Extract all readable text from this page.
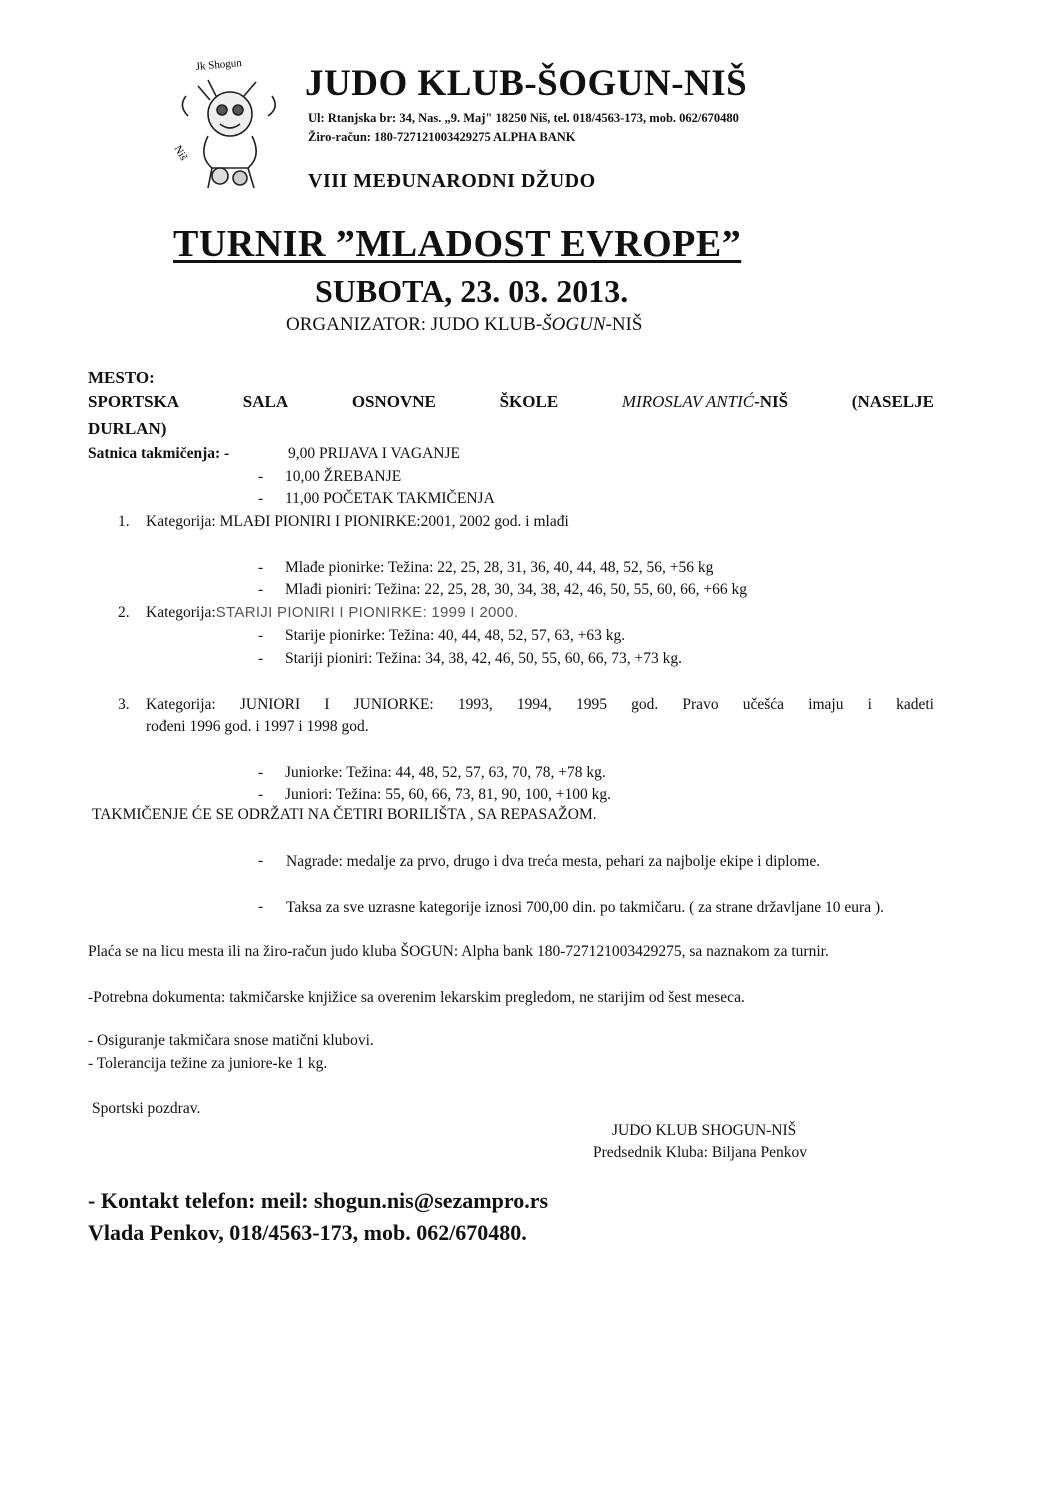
Jk Shogun
Niš
JUDO KLUB-ŠOGUN-NIŠ
Ul: Rtanjska br: 34, Nas. „9. Maj" 18250 Niš, tel. 018/4563-173, mob. 062/670480
Žiro-račun: 180-727121003429275 ALPHA BANK
VIII MEĐUNARODNI DŽUDO
TURNIR ”MLADOST EVROPE”
SUBOTA, 23. 03. 2013.
ORGANIZATOR: JUDO KLUB-ŠOGUN-NIŠ
MESTO:
SPORTSKA	SALA	OSNOVNE	ŠKOLE	MIROSLAV ANTIĆ-NIŠ	(NASELJE
DURLAN)
Satnica takmičenja: -	9,00 PRIJAVA I VAGANJE
- 10,00 ŽREBANJE
- 11,00 POČETAK TAKMIČENJA
1. Kategorija: MLAĐI PIONIRI I PIONIRKE:2001, 2002 god. i mlađi
- Mlađe pionirke: Težina: 22, 25, 28, 31, 36, 40, 44, 48, 52, 56, +56 kg
- Mlađi pioniri: Težina: 22, 25, 28, 30, 34, 38, 42, 46, 50, 55, 60, 66, +66 kg
2. Kategorija:STARIJI PIONIRI I PIONIRKE: 1999 I 2000.
- Starije pionirke: Težina: 40, 44, 48, 52, 57, 63, +63 kg.
- Stariji pioniri: Težina: 34, 38, 42, 46, 50, 55, 60, 66, 73, +73 kg.
3. Kategorija: JUNIORI I JUNIORKE: 1993, 1994, 1995 god. Pravo učešća imaju i kadeti
rođeni 1996 god. i 1997 i 1998 god.
- Juniorke: Težina: 44, 48, 52, 57, 63, 70, 78, +78 kg.
- Juniori: Težina: 55, 60, 66, 73, 81, 90, 100, +100 kg.
TAKMIČENJE ĆE SE ODRŽATI NA ČETIRI BORILIŠTA , SA REPASAŽOM.
- Nagrade: medalje za prvo, drugo i dva treća mesta, pehari za najbolje ekipe i diplome.
- Taksa za sve uzrasne kategorije iznosi 700,00 din. po takmičaru. ( za strane državljane 10 eura ).
Plaća se na licu mesta ili na žiro-račun judo kluba ŠOGUN: Alpha bank 180-727121003429275, sa naznakom za turnir.
-Potrebna dokumenta: takmičarske knjižice sa overenim lekarskim pregledom, ne starijim od šest meseca.
- Osiguranje takmičara snose matični klubovi.
- Tolerancija težine za juniore-ke 1 kg.
Sportski pozdrav.
JUDO KLUB SHOGUN-NIŠ
Predsednik Kluba: Biljana Penkov
- Kontakt telefon: meil: shogun.nis@sezampro.rs
Vlada Penkov, 018/4563-173, mob. 062/670480.
